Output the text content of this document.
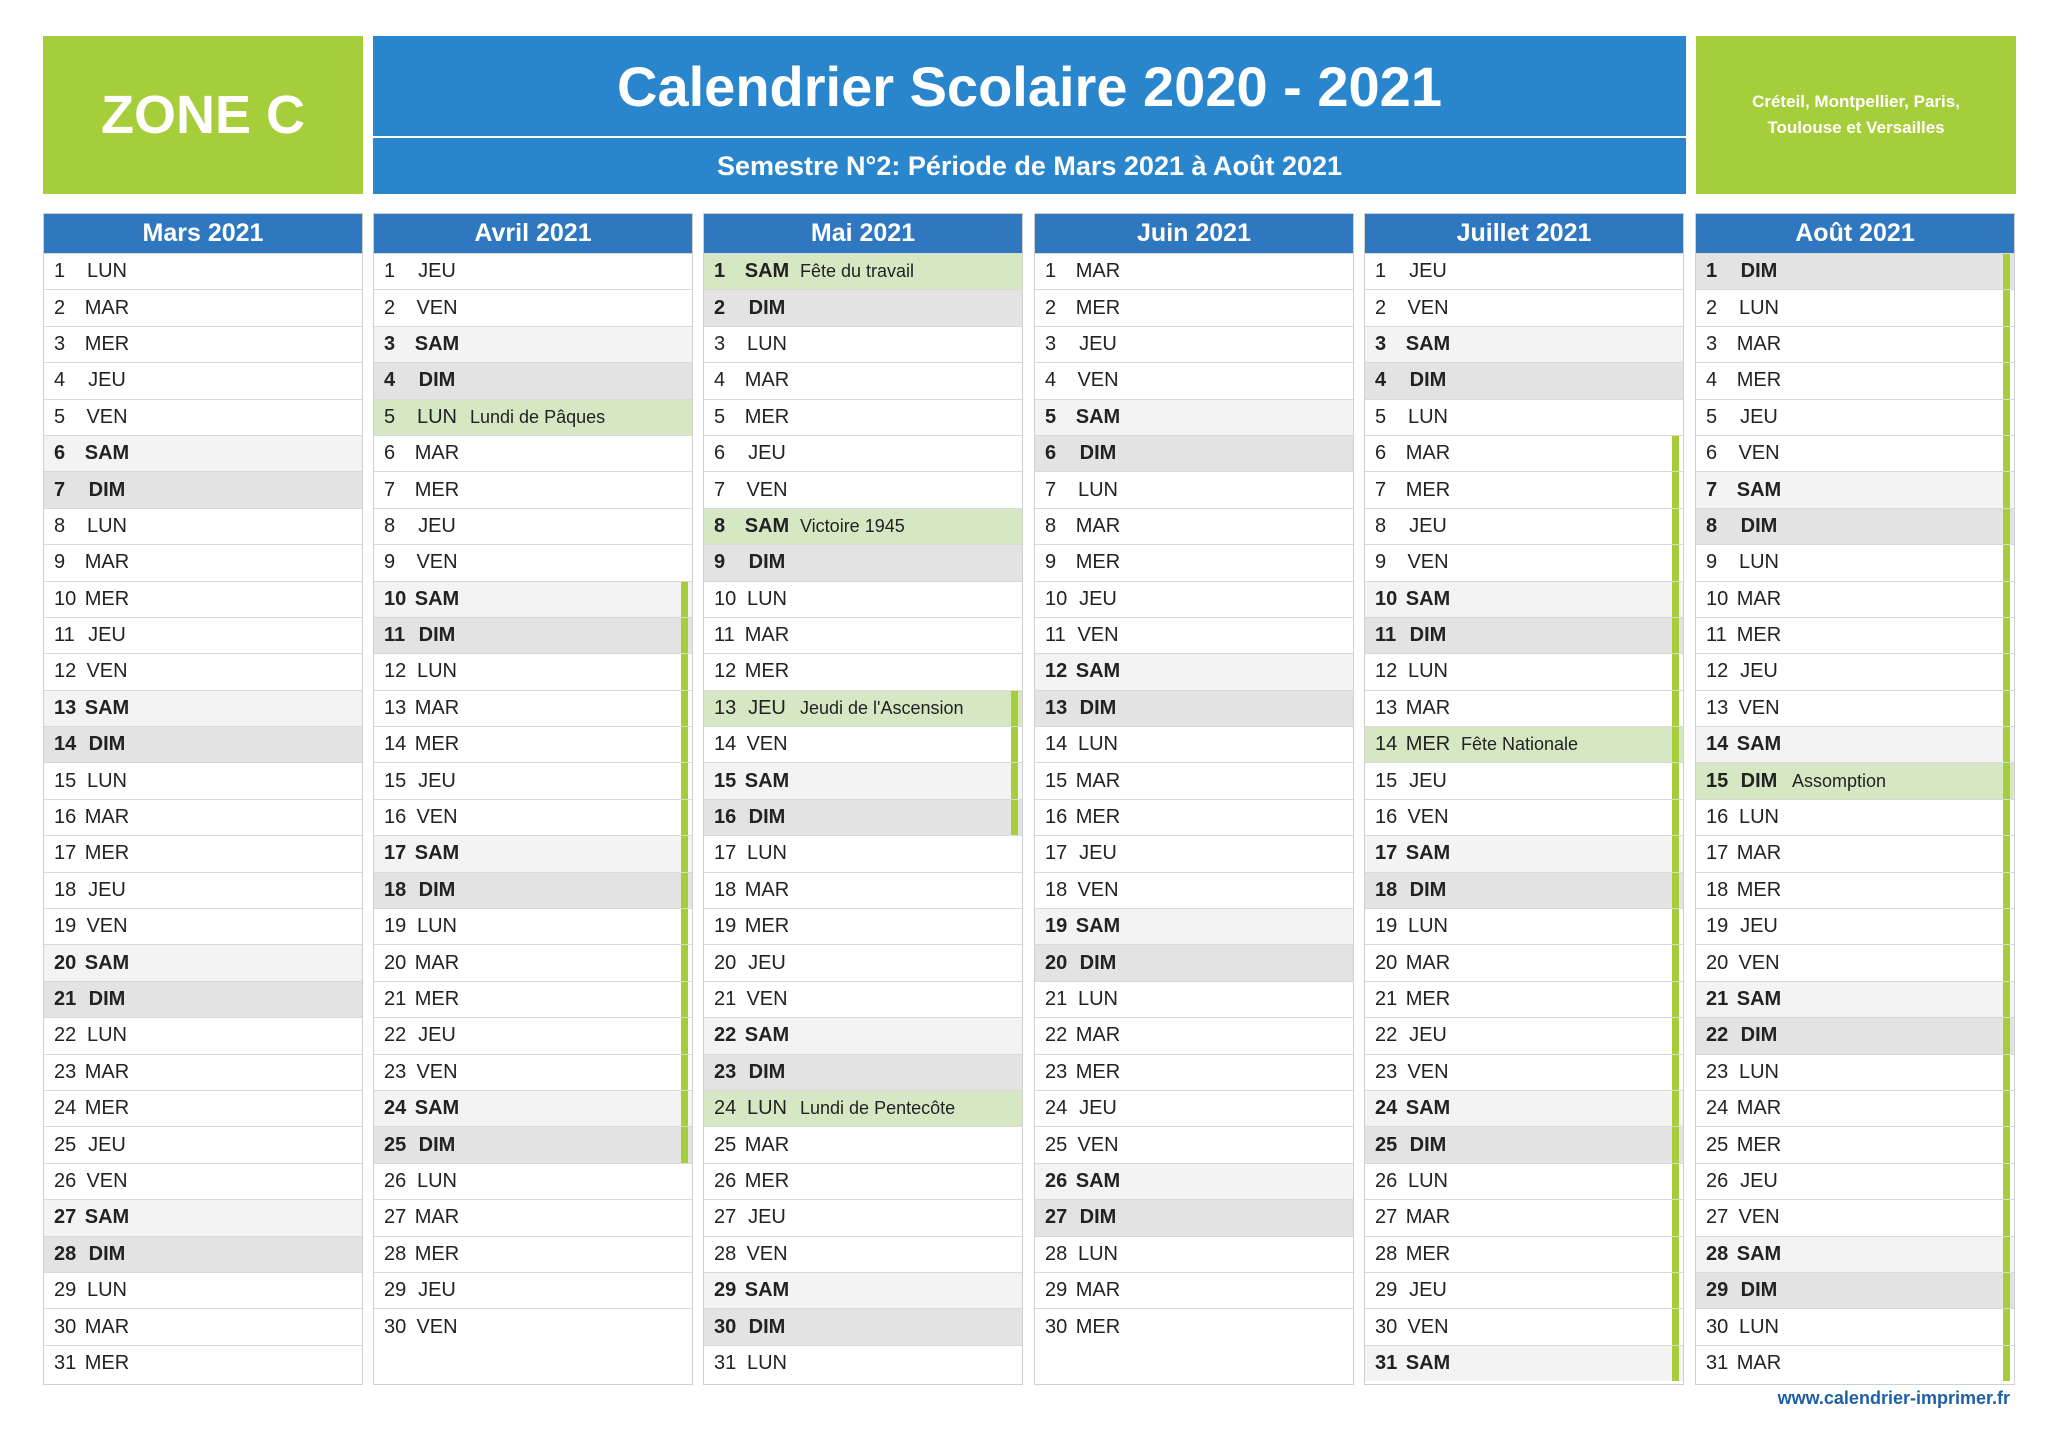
ZONE C	Calendrier Scolaire 2020 - 2021
Semestre N°2: Période de Mars 2021 à Août 2021
Créteil, Montpellier, Paris,
Toulouse et Versailles
Mars 2021
1	LUN
2 MAR
3 MER
4	JEU
5	VEN
6 SAM
7	DIM
8	LUN
9 MAR
10 MER
11 JEU
12 VEN
13 SAM
14 DIM
15 LUN
16 MAR
17 MER
18 JEU
19 VEN
20 SAM
21 DIM
22 LUN
23 MAR
24 MER
25 JEU
26 VEN
27 SAM
28 DIM
29 LUN
30 MAR
31 MER
Avril 2021
1	JEU
2	VEN
3 SAM
4	DIM
5	LUN Lundi de Pâques
6 MAR
7 MER
8	JEU
9	VEN
10 SAM
11 DIM
12 LUN
13 MAR
14 MER
15 JEU
16 VEN
17 SAM
18 DIM
19 LUN
20 MAR
21 MER
22 JEU
23 VEN
24 SAM
25 DIM
26 LUN
27 MAR
28 MER
29 JEU
30 VEN
Mai 2021
1 SAM Fête du travail
2	DIM
3	LUN
4 MAR
5 MER
6	JEU
7	VEN
8 SAM Victoire 1945
9	DIM
10 LUN
11 MAR
12 MER
13 JEU Jeudi de l'Ascension
14 VEN
15 SAM
16 DIM
17 LUN
18 MAR
19 MER
20 JEU
21 VEN
22 SAM
23 DIM
24 LUN Lundi de Pentecôte
25 MAR
26 MER
27 JEU
28 VEN
29 SAM
30 DIM
31 LUN
Juin 2021
1 MAR
2 MER
3	JEU
4	VEN
5 SAM
6	DIM
7	LUN
8 MAR
9 MER
10 JEU
11 VEN
12 SAM
13 DIM
14 LUN
15 MAR
16 MER
17 JEU
18 VEN
19 SAM
20 DIM
21 LUN
22 MAR
23 MER
24 JEU
25 VEN
26 SAM
27 DIM
28 LUN
29 MAR
30 MER
Juillet 2021
1	JEU
2	VEN
3 SAM
4	DIM
5	LUN
6 MAR
7 MER
8	JEU
9	VEN
10 SAM
11 DIM
12 LUN
13 MAR
14 MER Fête Nationale
15 JEU
16 VEN
17 SAM
18 DIM
19 LUN
20 MAR
21 MER
22 JEU
23 VEN
24 SAM
25 DIM
26 LUN
27 MAR
28 MER
29 JEU
30 VEN
31 SAM
Août 2021
1	DIM
2	LUN
3 MAR
4 MER
5	JEU
6	VEN
7 SAM
8	DIM
9	LUN
10 MAR
11 MER
12 JEU
13 VEN
14 SAM
15 DIM Assomption
16 LUN
17 MAR
18 MER
19 JEU
20 VEN
21 SAM
22 DIM
23 LUN
24 MAR
25 MER
26 JEU
27 VEN
28 SAM
29 DIM
30 LUN
31 MAR
www.calendrier-imprimer.fr
